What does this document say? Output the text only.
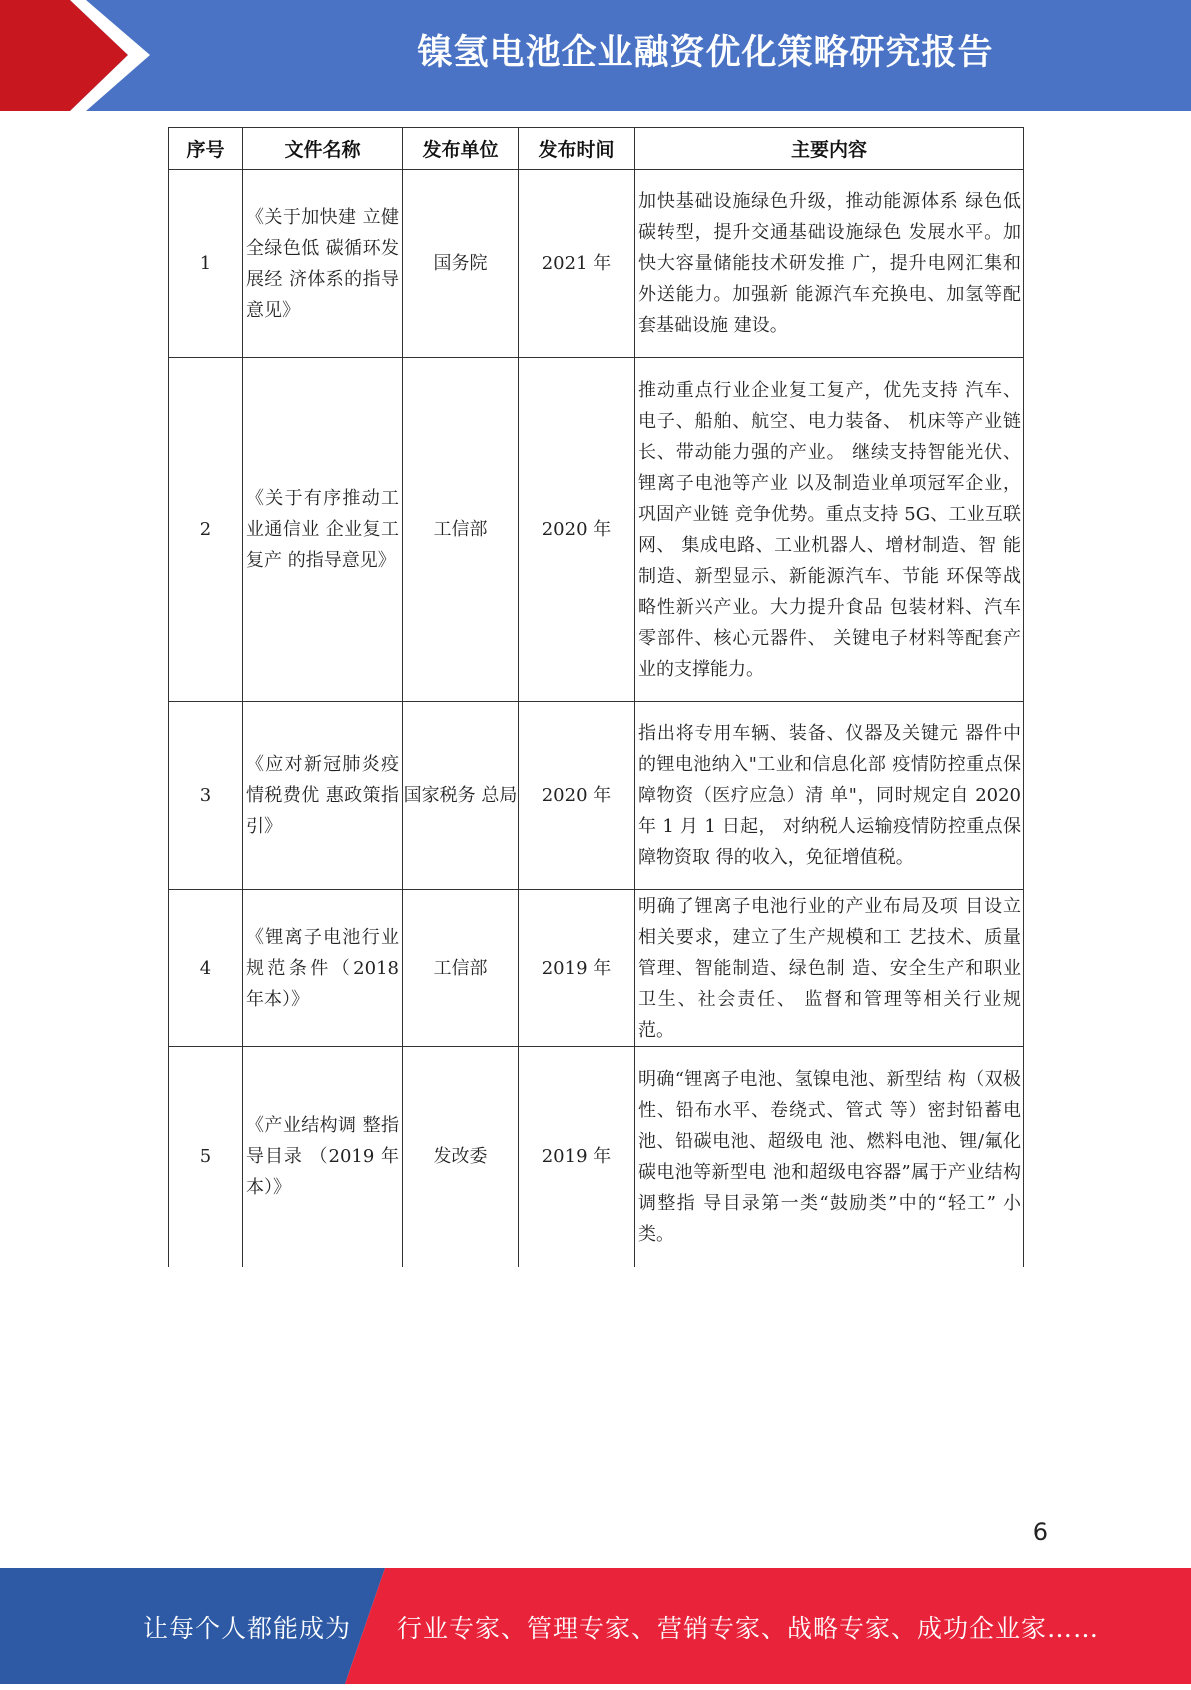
镍氢电池企业融资优化策略研究报告
序号	文件名称	发布单位	发布时间	主要内容
1	《关于加快建 立健全绿色低 碳循环发展经 济体系的指导 意见》	国务院	2021 年	加快基础设施绿色升级，推动能源体系 绿色低碳转型，提升交通基础设施绿色 发展水平。加快大容量储能技术研发推 广，提升电网汇集和外送能力。加强新 能源汽车充换电、加氢等配套基础设施 建设。
2	《关于有序推动工业通信业 企业复工复产 的指导意见》	工信部	2020 年	推动重点行业企业复工复产，优先支持 汽车、电子、船舶、航空、电力装备、 机床等产业链长、带动能力强的产业。 继续支持智能光伏、锂离子电池等产业 以及制造业单项冠军企业，巩固产业链 竞争优势。重点支持 5G、工业互联网、 集成电路、工业机器人、增材制造、智 能制造、新型显示、新能源汽车、节能 环保等战略性新兴产业。大力提升食品 包装材料、汽车零部件、核心元器件、 关键电子材料等配套产业的支撑能力。
3	《应对新冠肺炎疫情税费优 惠政策指引》	国家税务 总局	2020 年	指出将专用车辆、装备、仪器及关键元 器件中的锂电池纳入"工业和信息化部 疫情防控重点保障物资（医疗应急）清 单"，同时规定自 2020 年 1 月 1 日起， 对纳税人运输疫情防控重点保障物资取 得的收入，免征增值税。
4	《锂离子电池行业规范条件（2018 年本）》	工信部	2019 年	明确了锂离子电池行业的产业布局及项 目设立相关要求，建立了生产规模和工 艺技术、质量管理、智能制造、绿色制 造、安全生产和职业卫生、社会责任、 监督和管理等相关行业规范。
5	《产业结构调 整指导目录 （2019 年本）》	发改委	2019 年	明确“锂离子电池、氢镍电池、新型结 构（双极性、铅布水平、卷绕式、管式 等）密封铅蓄电池、铅碳电池、超级电 池、燃料电池、锂/氟化碳电池等新型电 池和超级电容器”属于产业结构调整指 导目录第一类“鼓励类”中的“轻工” 小类。
6
让每个人都能成为 行业专家、管理专家、营销专家、战略专家、成功企业家……
